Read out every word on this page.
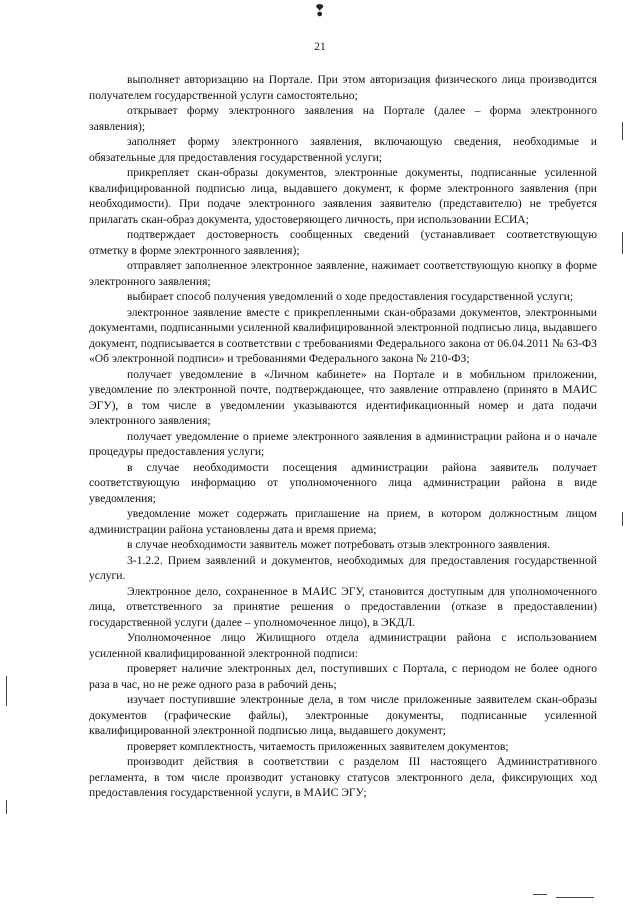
❢
21

выполняет авторизацию на Портале. При этом авторизация физического лица производится получателем государственной услуги самостоятельно;

открывает форму электронного заявления на Портале (далее – форма электронного заявления);

заполняет форму электронного заявления, включающую сведения, необходимые и обязательные для предоставления государственной услуги;

прикрепляет скан-образы документов, электронные документы, подписанные усиленной квалифицированной подписью лица, выдавшего документ, к форме электронного заявления (при необходимости). При подаче электронного заявления заявителю (представителю) не требуется прилагать скан-образ документа, удостоверяющего личность, при использовании ЕСИА;

подтверждает достоверность сообщенных сведений (устанавливает соответствующую отметку в форме электронного заявления);

отправляет заполненное электронное заявление, нажимает соответствующую кнопку в форме электронного заявления;

выбирает способ получения уведомлений о ходе предоставления государственной услуги;

электронное заявление вместе с прикрепленными скан-образами документов, электронными документами, подписанными усиленной квалифицированной электронной подписью лица, выдавшего документ, подписывается в соответствии с требованиями Федерального закона от 06.04.2011 № 63-ФЗ «Об электронной подписи» и требованиями Федерального закона № 210-ФЗ;

получает уведомление в «Личном кабинете» на Портале и в мобильном приложении, уведомление по электронной почте, подтверждающее, что заявление отправлено (принято в МАИС ЭГУ), в том числе в уведомлении указываются идентификационный номер и дата подачи электронного заявления;

получает уведомление о приеме электронного заявления в администрации района и о начале процедуры предоставления услуги;

в случае необходимости посещения администрации района заявитель получает соответствующую информацию от уполномоченного лица администрации района в виде уведомления;

уведомление может содержать приглашение на прием, в котором должностным лицом администрации района установлены дата и время приема;

в случае необходимости заявитель может потребовать отзыв электронного заявления.

3-1.2.2. Прием заявлений и документов, необходимых для предоставления государственной услуги.

Электронное дело, сохраненное в МАИС ЭГУ, становится доступным для уполномоченного лица, ответственного за принятие решения о предоставлении (отказе в предоставлении) государственной услуги (далее – уполномоченное лицо), в ЭКДЛ.

Уполномоченное лицо Жилищного отдела администрации района с использованием усиленной квалифицированной электронной подписи:

проверяет наличие электронных дел, поступивших с Портала, с периодом не более одного раза в час, но не реже одного раза в рабочий день;

изучает поступившие электронные дела, в том числе приложенные заявителем скан-образы документов (графические файлы), электронные документы, подписанные усиленной квалифицированной электронной подписью лица, выдавшего документ;

проверяет комплектность, читаемость приложенных заявителем документов;

производит действия в соответствии с разделом III настоящего Административного регламента, в том числе производит установку статусов электронного дела, фиксирующих ход предоставления государственной услуги, в МАИС ЭГУ;
